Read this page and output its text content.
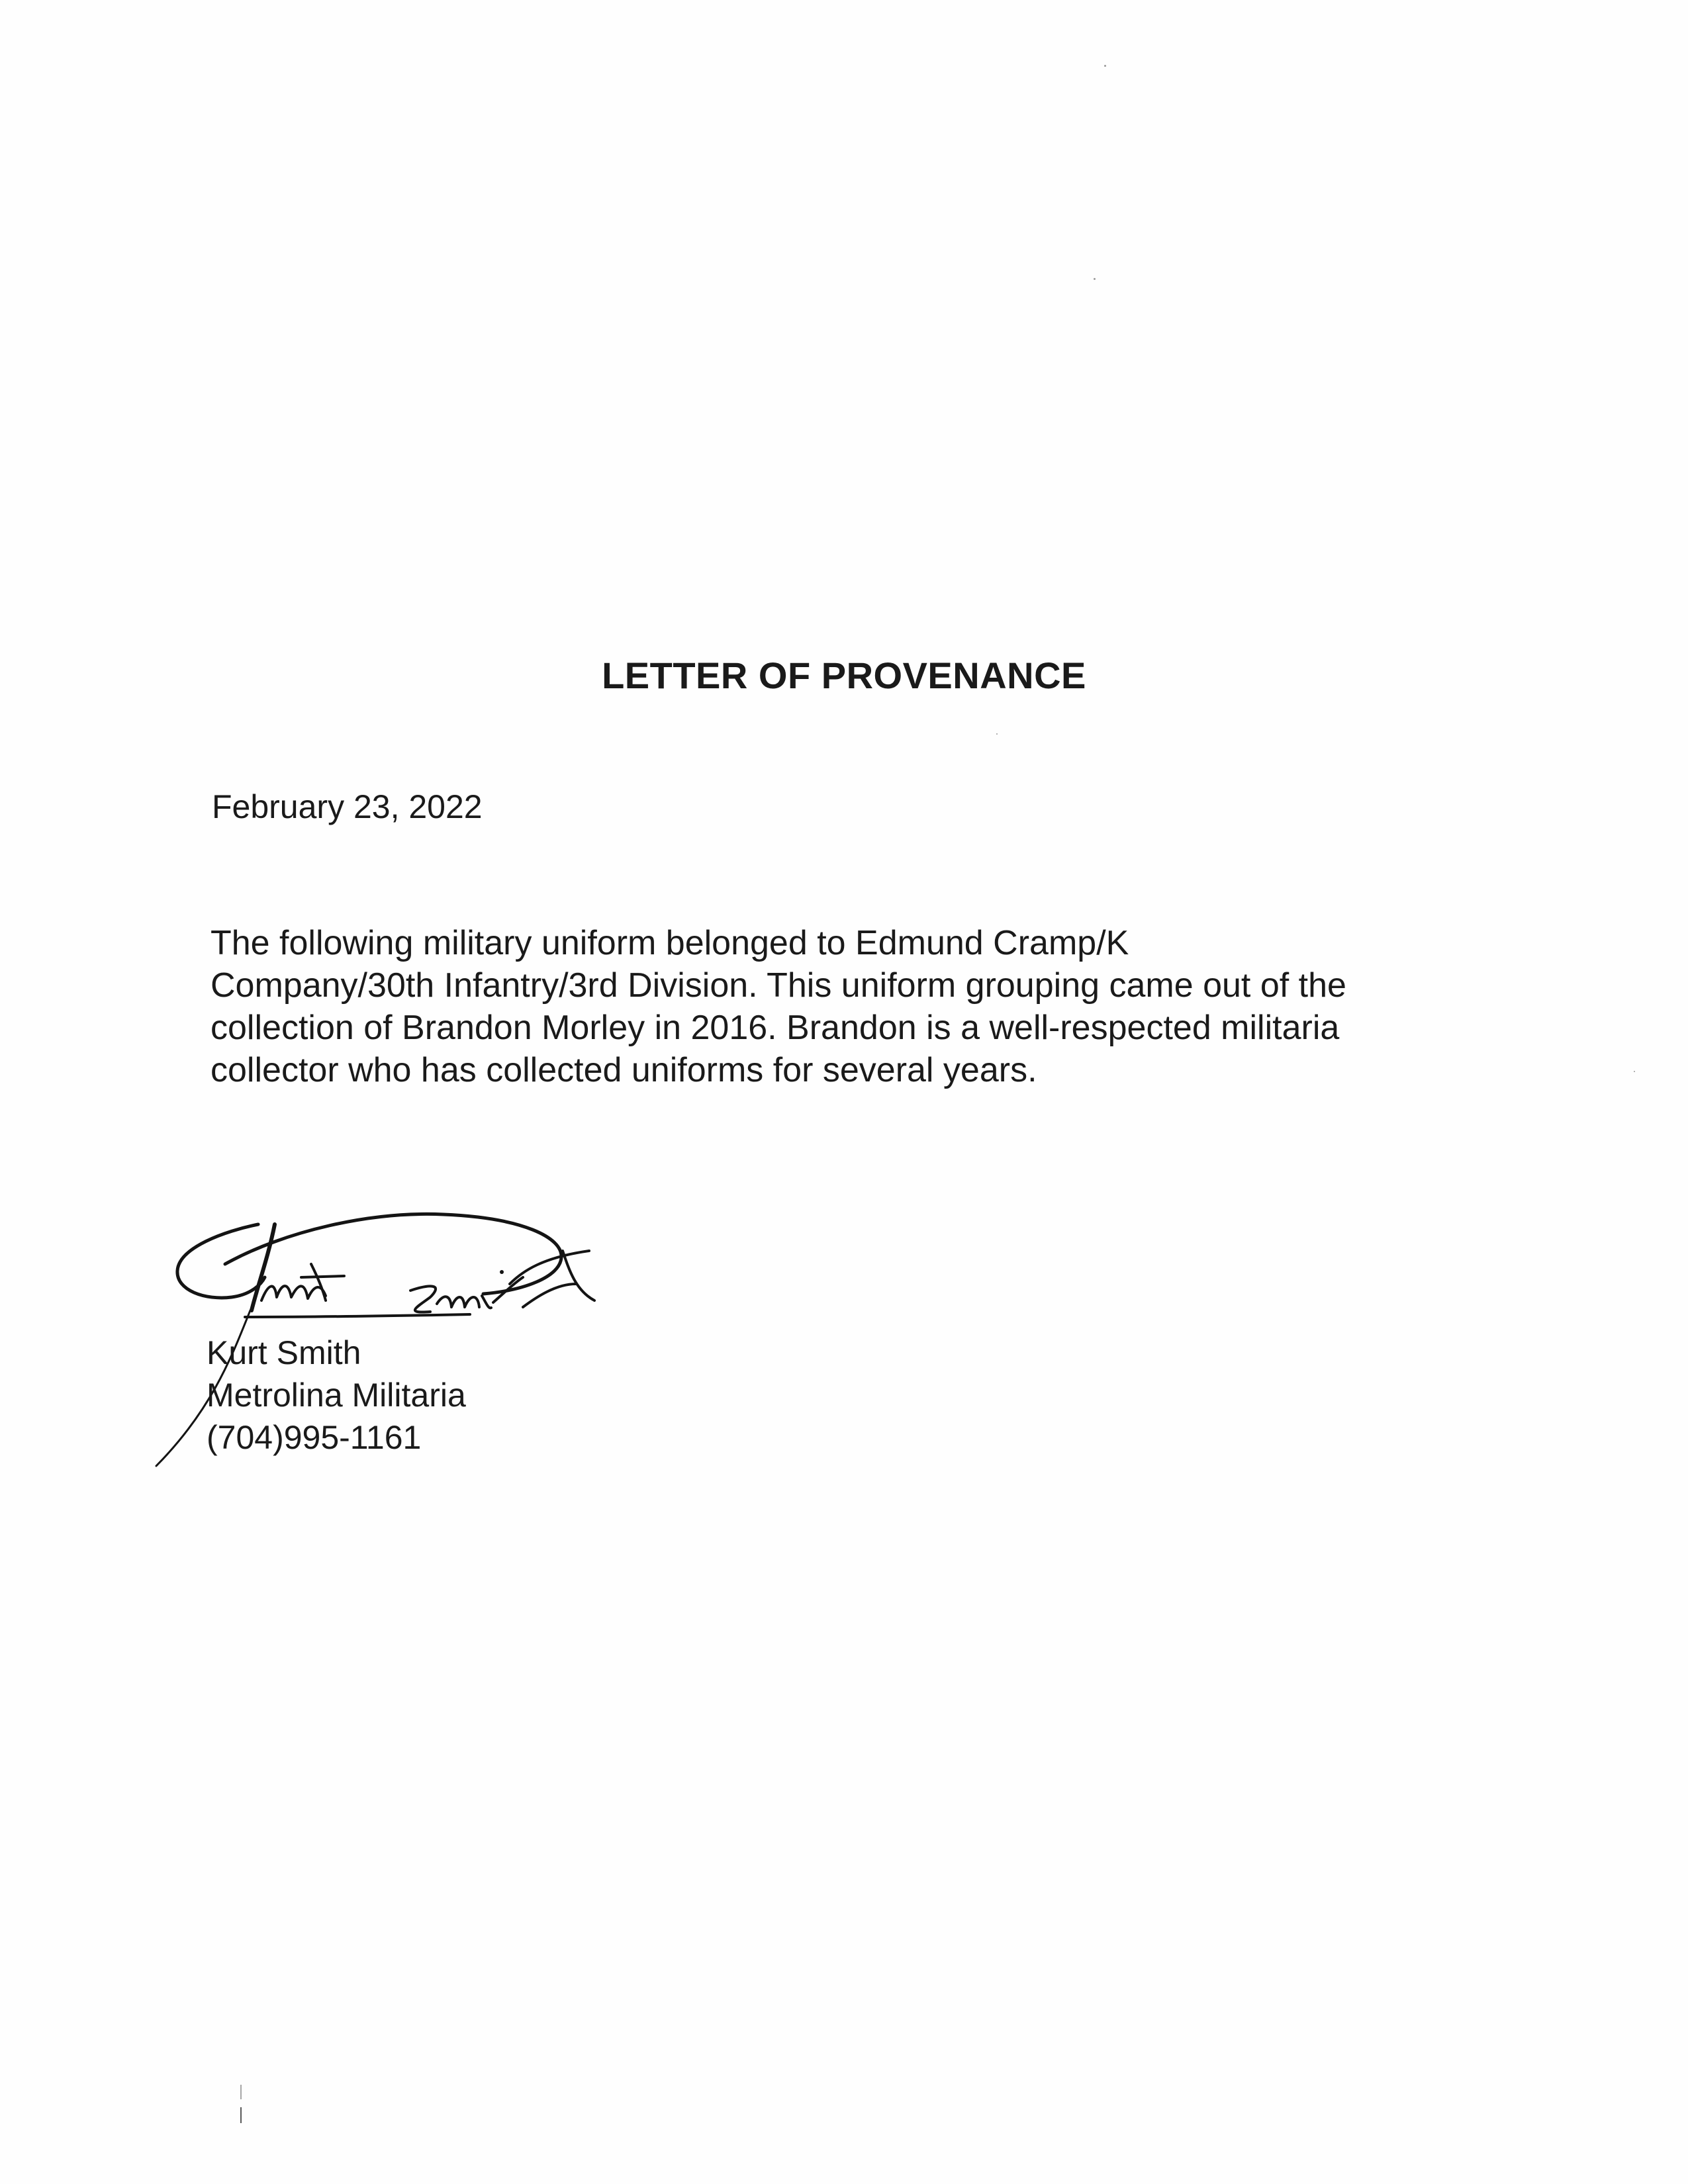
LETTER OF PROVENANCE

February 23, 2022

The following military uniform belonged to Edmund Cramp/K
Company/30th Infantry/3rd Division. This uniform grouping came out of the
collection of Brandon Morley in 2016. Brandon is a well-respected militaria
collector who has collected uniforms for several years.

Kurt Smith
Metrolina Militaria
(704)995-1161
